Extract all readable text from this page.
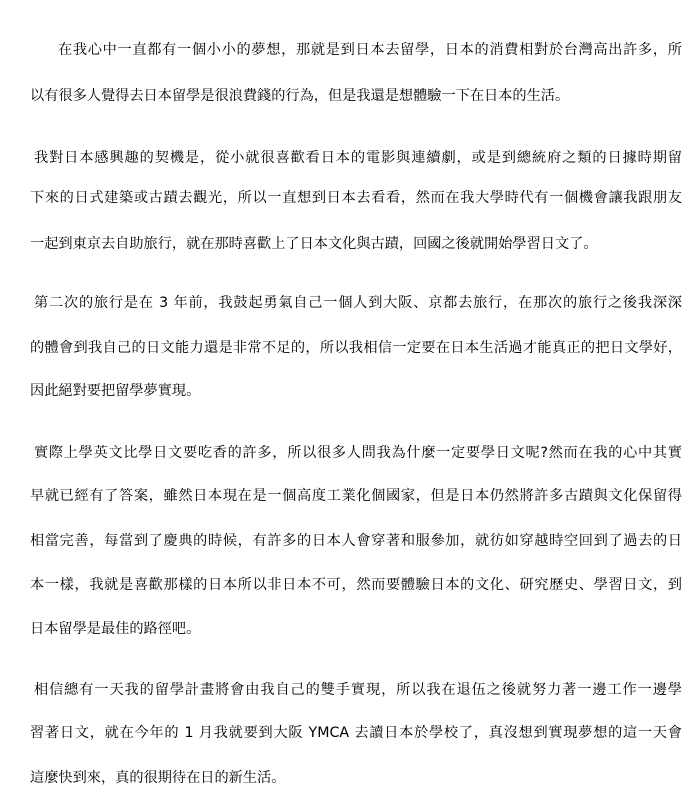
在我心中一直都有一個小小的夢想，那就是到日本去留學，日本的消費相對於台灣高出許多，所
以有很多人覺得去日本留學是很浪費錢的行為，但是我還是想體驗一下在日本的生活。
我對日本感興趣的契機是，從小就很喜歡看日本的電影與連續劇，或是到總統府之類的日據時期留
下來的日式建築或古蹟去觀光，所以一直想到日本去看看，然而在我大學時代有一個機會讓我跟朋友
一起到東京去自助旅行，就在那時喜歡上了日本文化與古蹟，回國之後就開始學習日文了。
第二次的旅行是在 3 年前，我鼓起勇氣自己一個人到大阪、京都去旅行，在那次的旅行之後我深深
的體會到我自己的日文能力還是非常不足的，所以我相信一定要在日本生活過才能真正的把日文學好，
因此絕對要把留學夢實現。
實際上學英文比學日文要吃香的許多，所以很多人問我為什麼一定要學日文呢?然而在我的心中其實
早就已經有了答案，雖然日本現在是一個高度工業化個國家，但是日本仍然將許多古蹟與文化保留得
相當完善，每當到了慶典的時候，有許多的日本人會穿著和服參加，就彷如穿越時空回到了過去的日
本一樣，我就是喜歡那樣的日本所以非日本不可，然而要體驗日本的文化、研究歷史、學習日文，到
日本留學是最佳的路徑吧。
相信總有一天我的留學計畫將會由我自己的雙手實現，所以我在退伍之後就努力著一邊工作一邊學
習著日文，就在今年的 1 月我就要到大阪 YMCA 去讀日本於學校了，真沒想到實現夢想的這一天會
這麼快到來，真的很期待在日的新生活。
